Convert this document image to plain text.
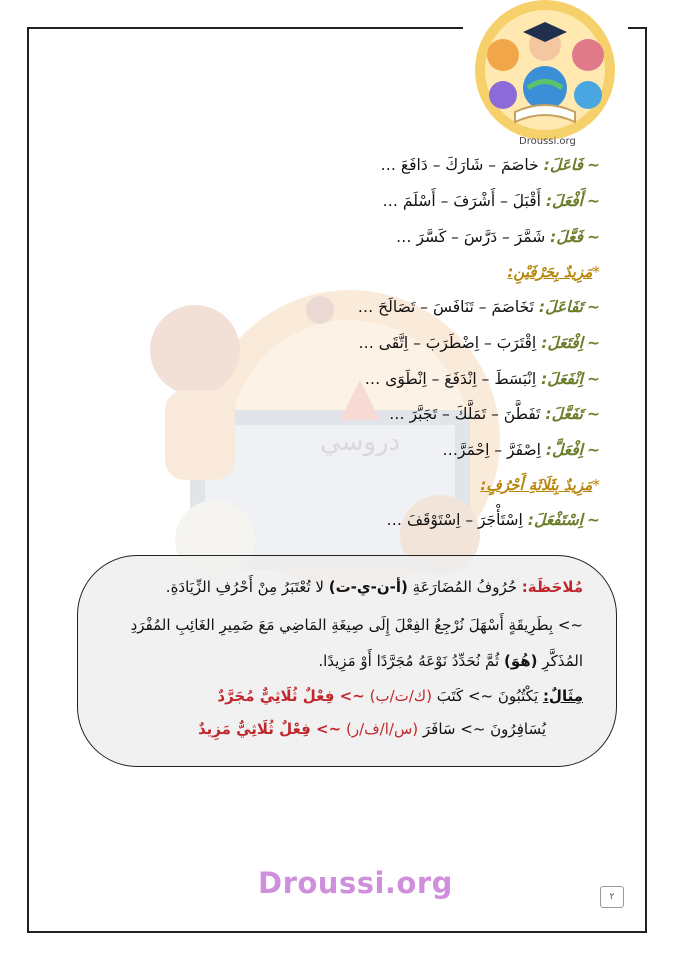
دروسي
Droussi.org
~فَاعَلَ: خاصَمَ – شَارَكَ – دَافَعَ …
~أَفْعَلَ: أَقْبَلَ – أَشْرَفَ – أَسْلَمَ …
~فَعَّلَ: شَمَّرَ – دَرَّسَ – كَسَّرَ …
*مَزِيدٌ بِحَرْفَيْنِ:
~تَفَاعَلَ: تَخَاصَمَ – تَنَافَسَ – تَصَالَحَ …
~اِفْتَعَلَ: اِقْتَرَبَ – اِضْطَرَبَ – اِتَّقَى …
~اِنْفَعَلَ: اِنْبَسَطَ – اِنْدَفَعَ – اِنْطَوَى …
~تَفَعَّلَ: تَفَطَّنَ – تَمَلَّكَ – تَجَبَّرَ …
~اِفْعَلَّ: اِصْفَرَّ – اِحْمَرَّ…
*مَزِيدٌ بِثَلَاثَةِ أَحْرُفٍ:
~اِسْتَفْعَلَ: اِسْتَأْجَرَ – اِسْتَوْقَفَ …
مُلاحَظَة: حُرُوفُ المُضَارَعَةِ (أ-ن-ي-ت) لا تُعْتَبَرُ مِنْ أَحْرُفِ الزِّيَادَةِ.
~> بِطَرِيقَةٍ أَسْهَلَ نُرْجِعُ الفِعْلَ إِلَى صِيغَةِ المَاضِي مَعَ ضَمِيرِ الغَائِبِ المُفْرَدِ
المُذَكَّرِ (هُوَ) ثُمَّ نُحَدِّدُ نَوْعَهُ مُجَرَّدًا أَوْ مَزِيدًا.
مِثَالٌ: يَكْتُبُونَ ~> كَتَبَ (ك/ت/ب) ~> فِعْلٌ ثُلَاثِيٌّ مُجَرَّدٌ
يُسَافِرُونَ ~> سَافَرَ (س/ا/ف/ر) ~> فِعْلٌ ثُلَاثِيٌّ مَزِيدٌ
Droussi.org	٢
